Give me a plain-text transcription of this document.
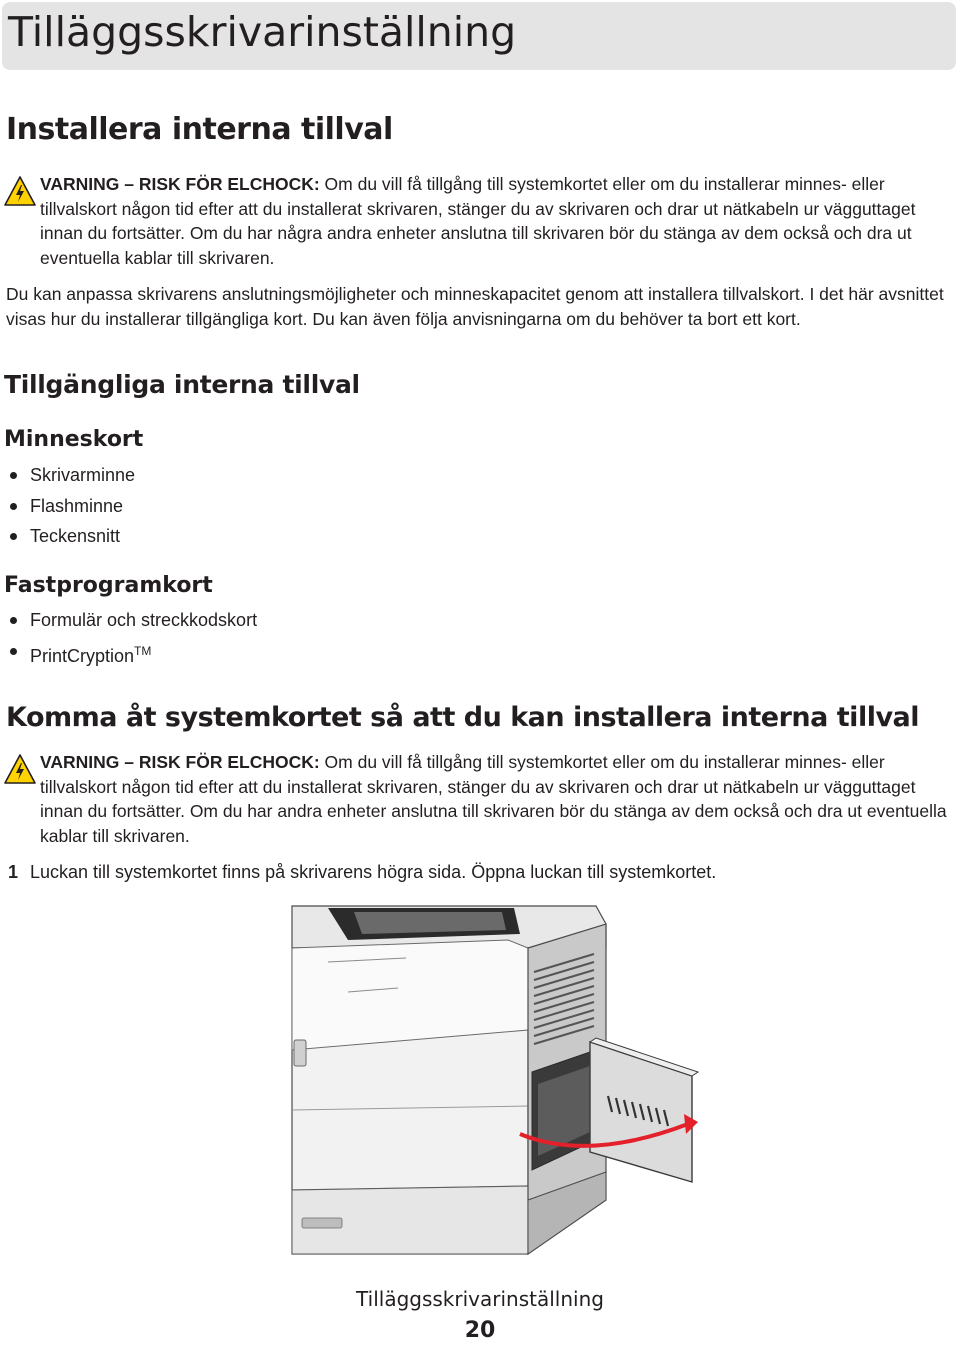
Tilläggsskrivarinställning
Installera interna tillval

VARNING – RISK FÖR ELCHOCK: Om du vill få tillgång till systemkortet eller om du installerar minnes- eller tillvalskort någon tid efter att du installerat skrivaren, stänger du av skrivaren och drar ut nätkabeln ur vägguttaget innan du fortsätter. Om du har några andra enheter anslutna till skrivaren bör du stänga av dem också och dra ut eventuella kablar till skrivaren.

Du kan anpassa skrivarens anslutningsmöjligheter och minneskapacitet genom att installera tillvalskort. I det här avsnittet visas hur du installerar tillgängliga kort. Du kan även följa anvisningarna om du behöver ta bort ett kort.

Tillgängliga interna tillval
Minneskort
Skrivarminne
Flashminne
Teckensnitt
Fastprogramkort
Formulär och streckkodskort
PrintCryption™
Komma åt systemkortet så att du kan installera interna tillval

VARNING – RISK FÖR ELCHOCK: Om du vill få tillgång till systemkortet eller om du installerar minnes- eller tillvalskort någon tid efter att du installerat skrivaren, stänger du av skrivaren och drar ut nätkabeln ur vägguttaget innan du fortsätter. Om du har andra enheter anslutna till skrivaren bör du stänga av dem också och dra ut eventuella kablar till skrivaren.

1 Luckan till systemkortet finns på skrivarens högra sida. Öppna luckan till systemkortet.
Tilläggsskrivarinställning
20
